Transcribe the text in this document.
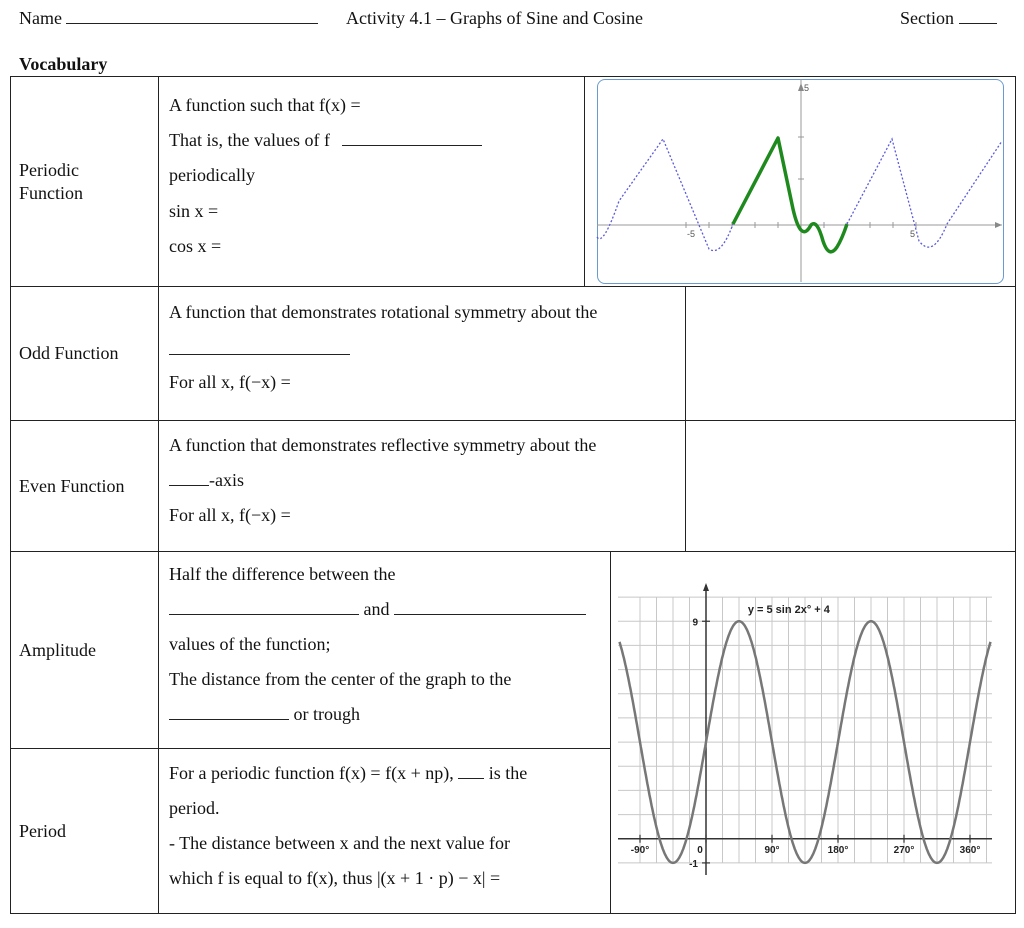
Name	Activity 4.1 – Graphs of Sine and Cosine	Section
Vocabulary
Periodic
Function
A function such that f(x) =
That is, the values of f
periodically
sin x =
cos x =
5
-5	5
Odd Function
A function that demonstrates rotational symmetry about the
For all x, f(−x) =
Even Function
A function that demonstrates reflective symmetry about the
-axis
For all x, f(−x) =
Amplitude
Half the difference between the
and
values of the function;
The distance from the center of the graph to the
or trough
Period
For a periodic function f(x) = f(x + np), is the
period.
- The distance between x and the next value for
which f is equal to f(x), thus |(x + 1 · p) − x| =
y = 5 sin 2x° + 4
-90°	0	90°	180°	270°	360°
9
-1
